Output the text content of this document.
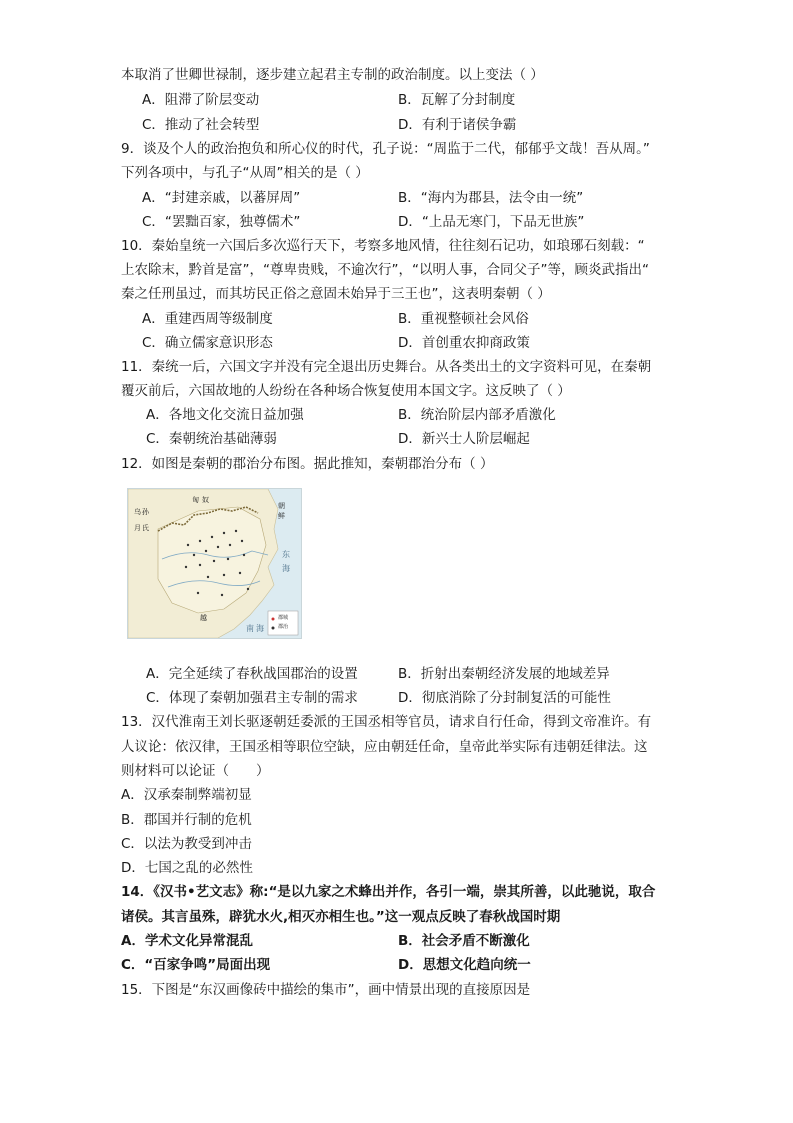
本取消了世卿世禄制，逐步建立起君主专制的政治制度。以上变法（ ）
A．阻滞了阶层变动	B．瓦解了分封制度
C．推动了社会转型	D．有利于诸侯争霸
9．谈及个人的政治抱负和所心仪的时代，孔子说：“周监于二代，郁郁乎文哉！吾从周。”
下列各项中，与孔子“从周”相关的是（ ）
A．“封建亲戚，以蕃屏周”	B．“海内为郡县，法令由一统”
C．“罢黜百家，独尊儒术”	D．“上品无寒门，下品无世族”
10．秦始皇统一六国后多次巡行天下，考察多地风情，往往刻石记功，如琅琊石刻载：“
上农除末，黔首是富”，“尊卑贵贱，不逾次行”，“以明人事，合同父子”等，顾炎武指出“
秦之任刑虽过，而其坊民正俗之意固未始异于三王也”，这表明秦朝（ ）
A．重建西周等级制度	B．重视整顿社会风俗
C．确立儒家意识形态	D．首创重农抑商政策
11．秦统一后，六国文字并没有完全退出历史舞台。从各类出土的文字资料可见，在秦朝
覆灭前后，六国故地的人纷纷在各种场合恢复使用本国文字。这反映了（ ）
A．各地文化交流日益加强	B．统治阶层内部矛盾激化
C．秦朝统治基础薄弱	D．新兴士人阶层崛起
12．如图是秦朝的郡治分布图。据此推知，秦朝郡治分布（ ）
匈 奴
乌 孙
月 氏
朝
鲜
东
海
南 海
越	郡城
郡治
A．完全延续了春秋战国郡治的设置	B．折射出秦朝经济发展的地域差异
C．体现了秦朝加强君主专制的需求	D．彻底消除了分封制复活的可能性
13．汉代淮南王刘长驱逐朝廷委派的王国丞相等官员，请求自行任命，得到文帝准许。有
人议论：依汉律，王国丞相等职位空缺，应由朝廷任命，皇帝此举实际有违朝廷律法。这
则材料可以论证（　　）
A．汉承秦制弊端初显
B．郡国并行制的危机
C．以法为教受到冲击
D．七国之乱的必然性
14．《汉书•艺文志》称:“是以九家之术蜂出并作，各引一端，崇其所善，以此驰说，取合
诸侯。其言虽殊，辟犹水火,相灭亦相生也。”这一观点反映了春秋战国时期
A．学术文化异常混乱	B．社会矛盾不断激化
C．“百家争鸣”局面出现	D．思想文化趋向统一
15．下图是“东汉画像砖中描绘的集市”，画中情景出现的直接原因是
